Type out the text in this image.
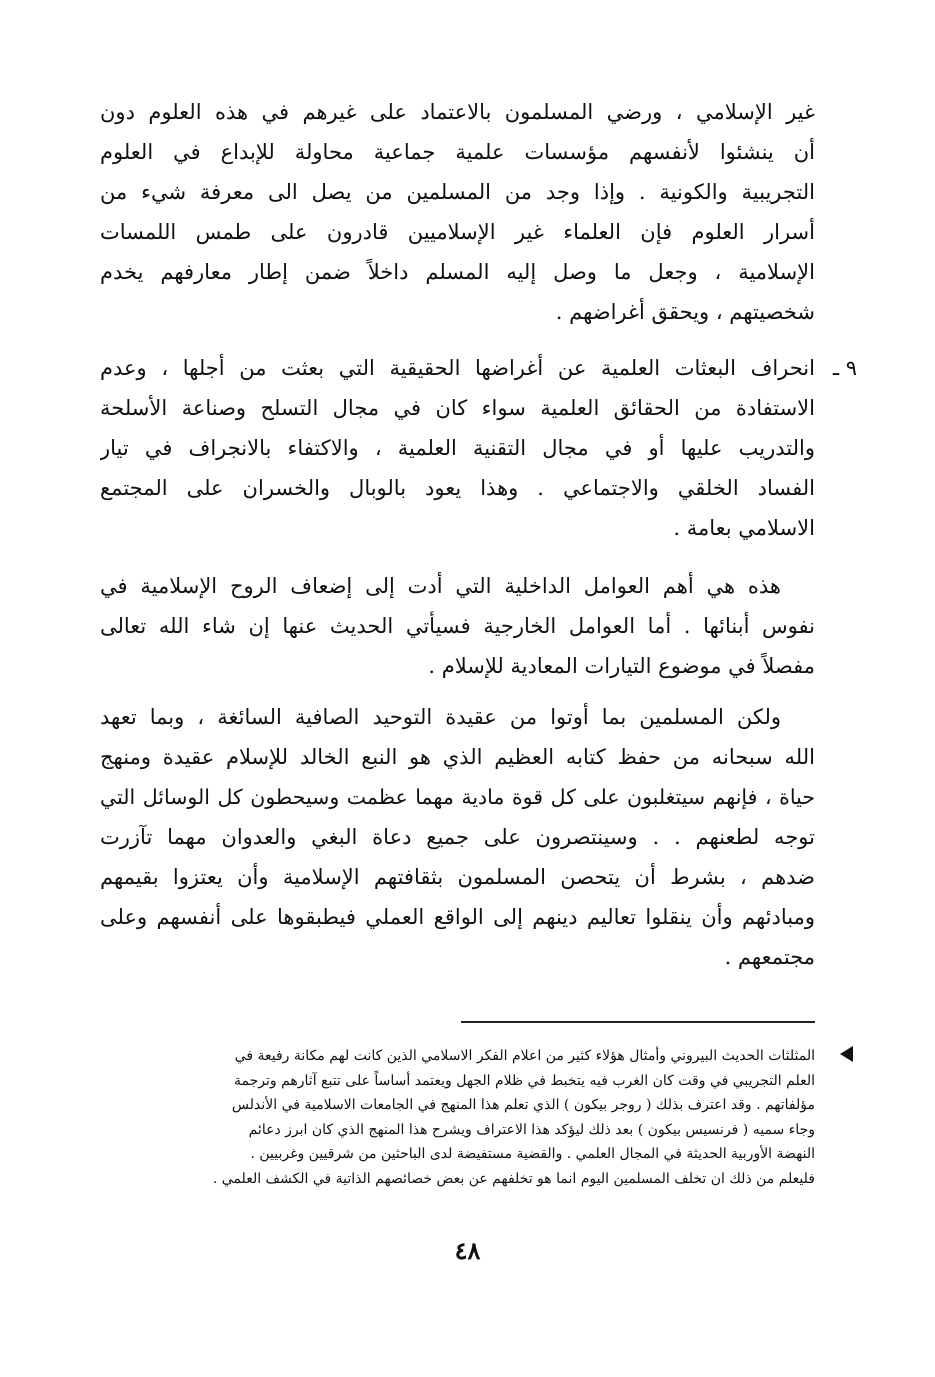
غير الإسلامي ، ورضي المسلمون بالاعتماد على غيرهم في هذه العلوم دون
أن ينشئوا لأنفسهم مؤسسات علمية جماعية محاولة للإبداع في العلوم
التجريبية والكونية . وإذا وجد من المسلمين من يصل الى معرفة شيء من
أسرار العلوم فإن العلماء غير الإسلاميين قادرون على طمس اللمسات
الإسلامية ، وجعل ما وصل إليه المسلم داخلاً ضمن إطار معارفهم يخدم
شخصيتهم ، ويحقق أغراضهم .
٩ ـ
انحراف البعثات العلمية عن أغراضها الحقيقية التي بعثت من أجلها ، وعدم
الاستفادة من الحقائق العلمية سواء كان في مجال التسلح وصناعة الأسلحة
والتدريب عليها أو في مجال التقنية العلمية ، والاكتفاء بالانجراف في تيار
الفساد الخلقي والاجتماعي . وهذا يعود بالوبال والخسران على المجتمع
الاسلامي بعامة .
هذه هي أهم العوامل الداخلية التي أدت إلى إضعاف الروح الإسلامية في
نفوس أبنائها . أما العوامل الخارجية فسيأتي الحديث عنها إن شاء الله تعالى
مفصلاً في موضوع التيارات المعادية للإسلام .
ولكن المسلمين بما أوتوا من عقيدة التوحيد الصافية السائغة ، وبما تعهد
الله سبحانه من حفظ كتابه العظيم الذي هو النبع الخالد للإسلام عقيدة ومنهج
حياة ، فإنهم سيتغلبون على كل قوة مادية مهما عظمت وسيحطون كل الوسائل التي
توجه لطعنهم . . وسينتصرون على جميع دعاة البغي والعدوان مهما تآزرت
ضدهم ، بشرط أن يتحصن المسلمون بثقافتهم الإسلامية وأن يعتزوا بقيمهم
ومبادئهم وأن ينقلوا تعاليم دينهم إلى الواقع العملي فيطبقوها على أنفسهم وعلى
مجتمعهم .
المثلثات الحديث البيروني وأمثال هؤلاء كثير من اعلام الفكر الاسلامي الذين كانت لهم مكانة رفيعة في
العلم التجريبي في وقت كان الغرب فيه يتخبط في ظلام الجهل ويعتمد أساساً على تتبع آثارهم وترجمة
مؤلفاتهم . وقد اعترف بذلك ( روجر بيكون ) الذي تعلم هذا المنهج في الجامعات الاسلامية في الأندلس
وجاء سميه ( فرنسيس بيكون ) بعد ذلك ليؤكد هذا الاعتراف ويشرح هذا المنهج الذي كان ابرز دعائم
النهضة الأوربية الحديثة في المجال العلمي . والقضية مستفيضة لدى الباحثين من شرقيين وغربيين .
فليعلم من ذلك ان تخلف المسلمين اليوم انما هو تخلفهم عن بعض خصائصهم الذاتية في الكشف العلمي .
٤٨
